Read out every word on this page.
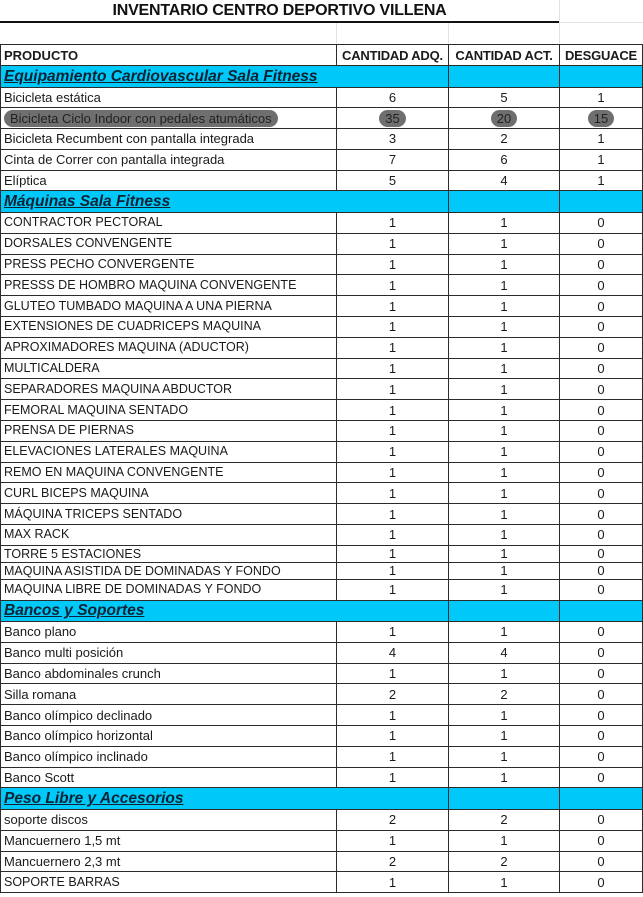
INVENTARIO CENTRO DEPORTIVO VILLENA
PRODUCTO	CANTIDAD ADQ.	CANTIDAD ACT.	DESGUACE
Equipamiento Cardiovascular Sala Fitness			
Bicicleta estática	6	5	1
Bicicleta Ciclo Indoor con pedales atumáticos	35	20	15
Bicicleta Recumbent con pantalla integrada	3	2	1
Cinta de Correr con pantalla integrada	7	6	1
Elíptica	5	4	1
Máquinas Sala Fitness			
CONTRACTOR PECTORAL	1	1	0
DORSALES CONVENGENTE	1	1	0
PRESS PECHO CONVERGENTE	1	1	0
PRESSS DE HOMBRO MAQUINA CONVENGENTE	1	1	0
GLUTEO TUMBADO MAQUINA A UNA PIERNA	1	1	0
EXTENSIONES DE CUADRICEPS MAQUINA	1	1	0
APROXIMADORES MAQUINA (ADUCTOR)	1	1	0
MULTICALDERA	1	1	0
SEPARADORES MAQUINA ABDUCTOR	1	1	0
FEMORAL MAQUINA SENTADO	1	1	0
PRENSA DE PIERNAS	1	1	0
ELEVACIONES LATERALES MAQUINA	1	1	0
REMO EN MAQUINA CONVENGENTE	1	1	0
CURL BICEPS MAQUINA	1	1	0
MÁQUINA TRICEPS SENTADO	1	1	0
MAX RACK	1	1	0
TORRE 5 ESTACIONES	1	1	0
MAQUINA ASISTIDA DE DOMINADAS Y FONDO	1	1	0
MAQUINA LIBRE DE DOMINADAS Y FONDO	1	1	0
Bancos y Soportes			
Banco plano	1	1	0
Banco multi posición	4	4	0
Banco abdominales crunch	1	1	0
Silla romana	2	2	0
Banco olímpico declinado	1	1	0
Banco olímpico horizontal	1	1	0
Banco olímpico inclinado	1	1	0
Banco Scott	1	1	0
Peso Libre y Accesorios			
soporte discos	2	2	0
Mancuernero 1,5 mt	1	1	0
Mancuernero 2,3 mt	2	2	0
SOPORTE BARRAS	1	1	0
